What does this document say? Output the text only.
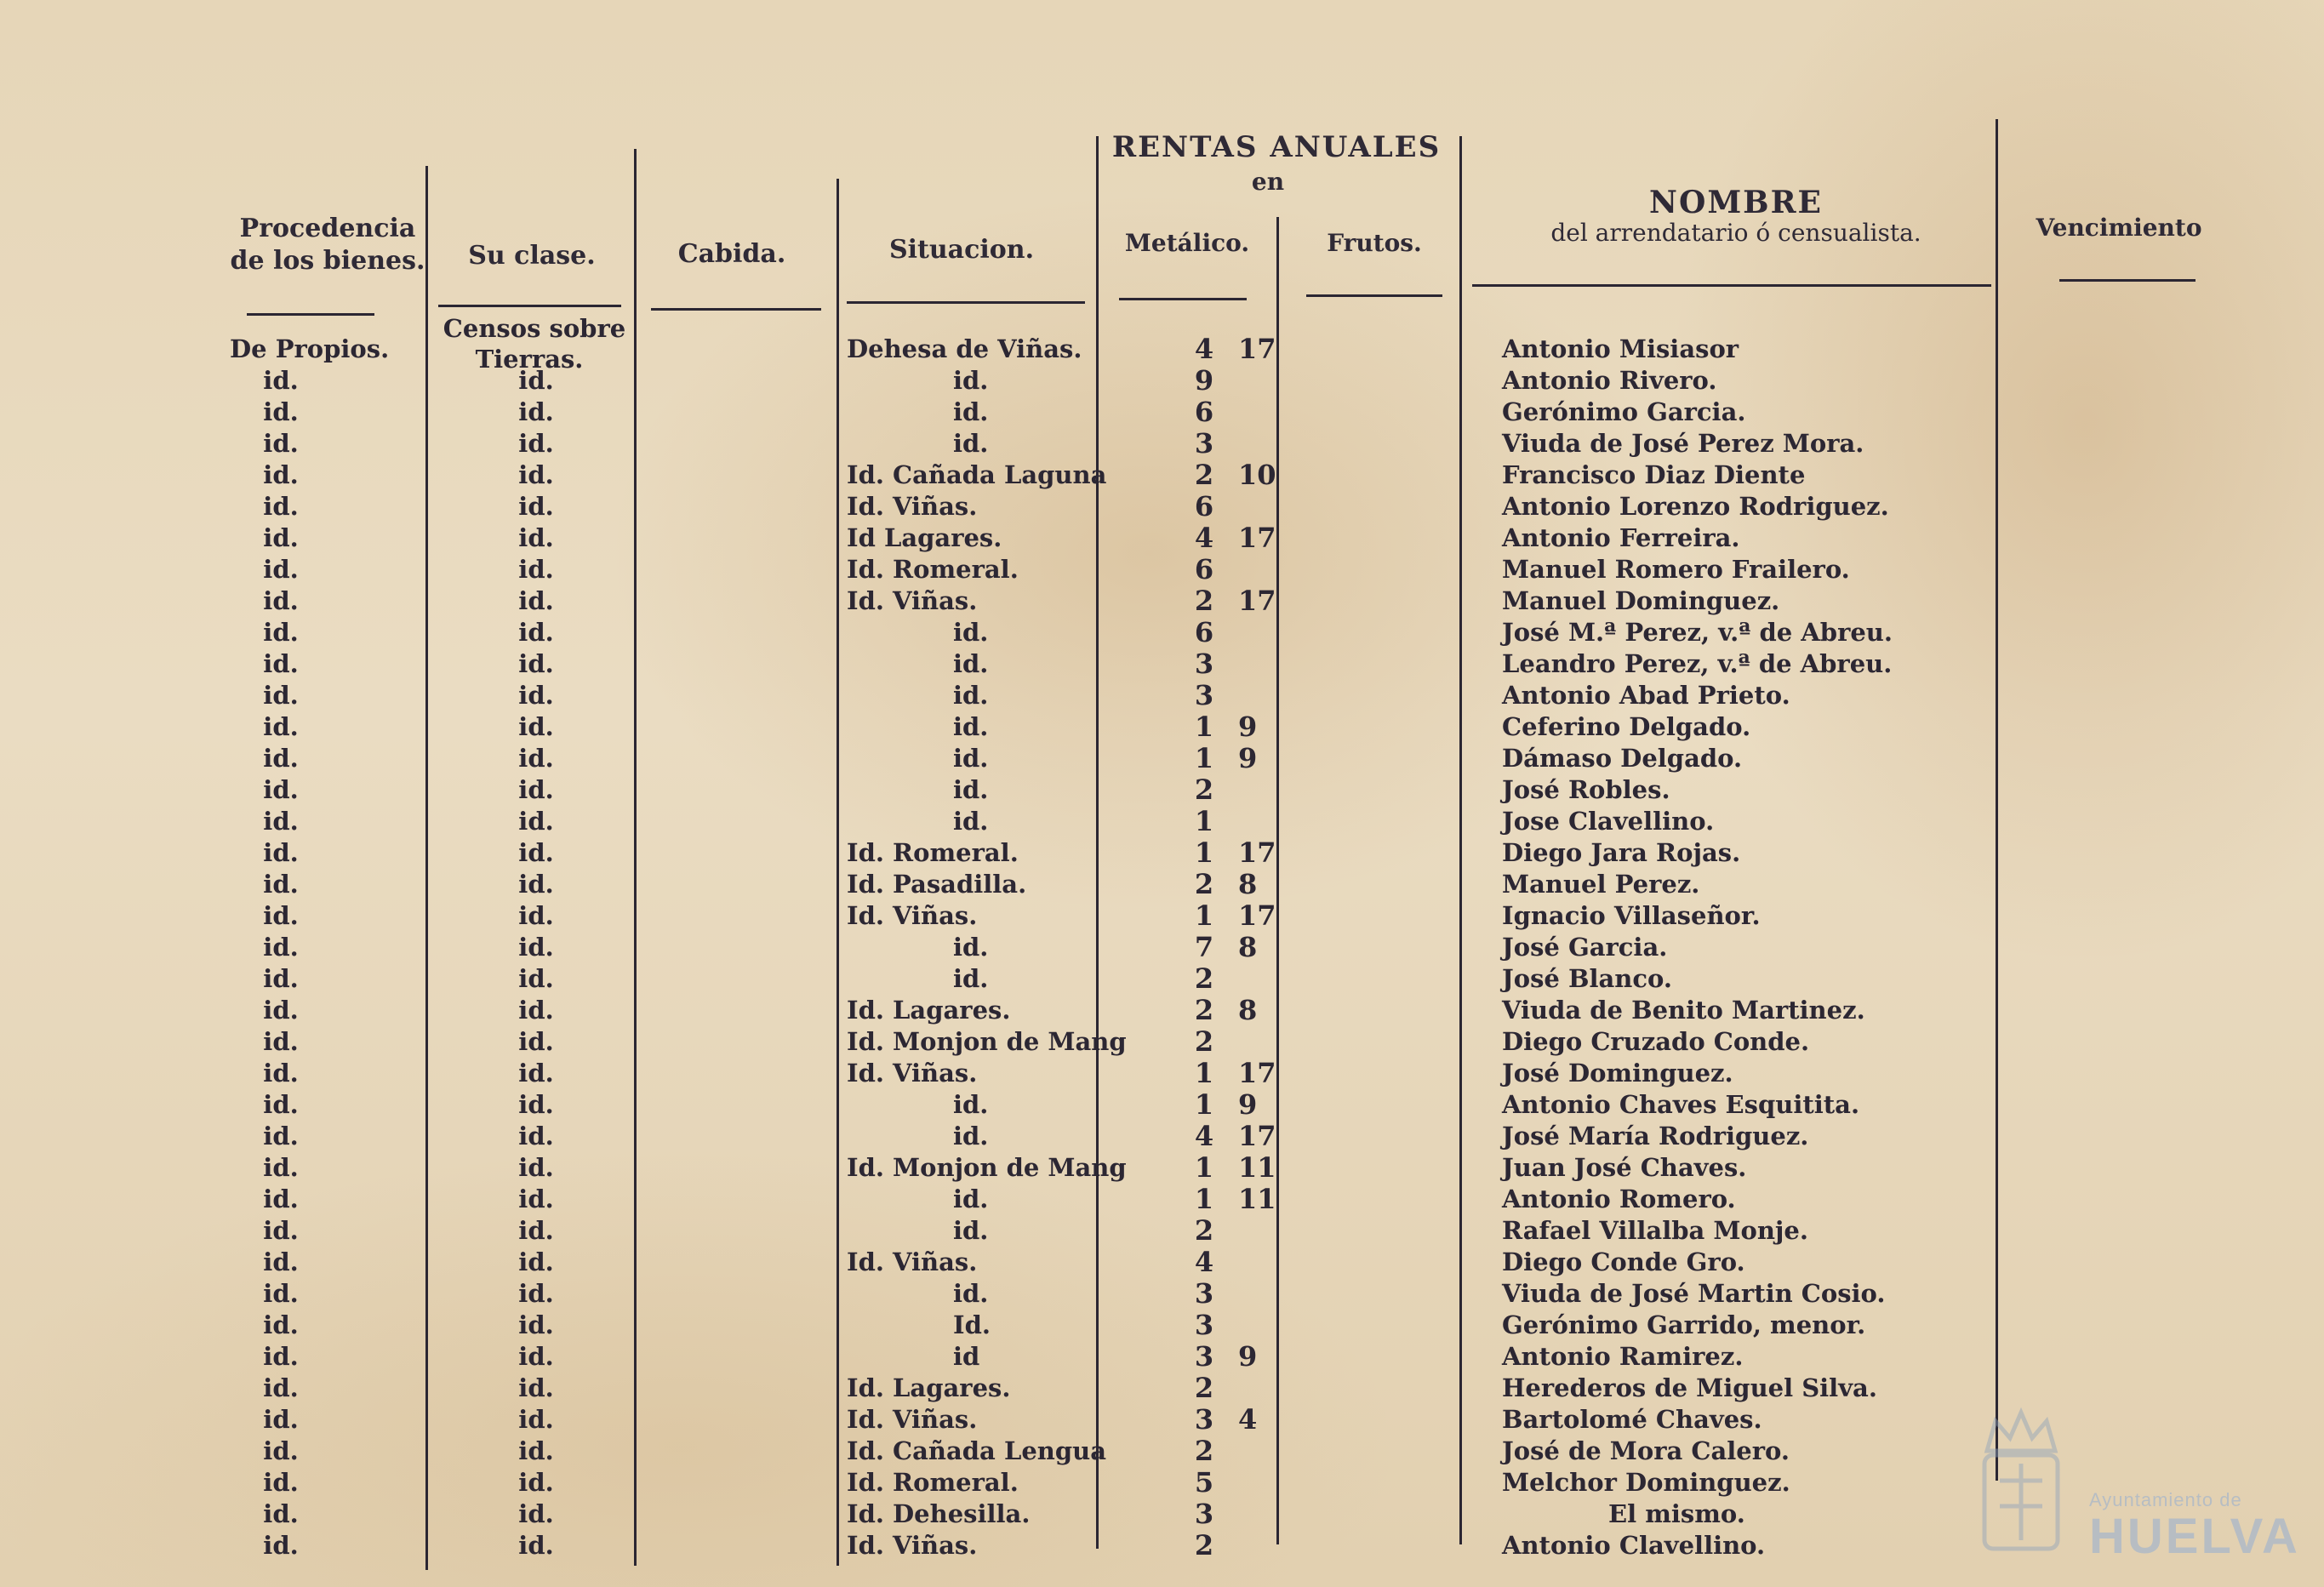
Procedencia de los bienes.	Su clase.	Cabida.	Situacion.
RENTAS ANUALES
en
Metálico.	Frutos.
NOMBRE
del arrendatario ó censualista.	Vencimiento
Censos sobre
Tierras.
De Propios.	Dehesa de Viñas.	4 17	Antonio Misiasor
id.	id.	id.	9	Antonio Rivero.
id.	id.	id.	6	Gerónimo Garcia.
id.	id.	id.	3	Viuda de José Perez Mora.
id.	id.	Id. Cañada Laguna	2 10	Francisco Diaz Diente
id.	id.	Id. Viñas.	6	Antonio Lorenzo Rodriguez.
id.	id.	Id Lagares.	4 17	Antonio Ferreira.
id.	id.	Id. Romeral.	6	Manuel Romero Frailero.
id.	id.	Id. Viñas.	2 17	Manuel Dominguez.
id.	id.	id.	6	José M.ª Perez, v.ª de Abreu.
id.	id.	id.	3	Leandro Perez, v.ª de Abreu.
id.	id.	id.	3	Antonio Abad Prieto.
id.	id.	id.	1 9	Ceferino Delgado.
id.	id.	id.	1 9	Dámaso Delgado.
id.	id.	id.	2	José Robles.
id.	id.	id.	1	Jose Clavellino.
id.	id.	Id. Romeral.	1 17	Diego Jara Rojas.
id.	id.	Id. Pasadilla.	2 8	Manuel Perez.
id.	id.	Id. Viñas.	1 17	Ignacio Villaseñor.
id.	id.	id.	7 8	José Garcia.
id.	id.	id.	2	José Blanco.
id.	id.	Id. Lagares.	2 8	Viuda de Benito Martinez.
id.	id.	Id. Monjon de Mang	2	Diego Cruzado Conde.
id.	id.	Id. Viñas.	1 17	José Dominguez.
id.	id.	id.	1 9	Antonio Chaves Esquitita.
id.	id.	id.	4 17	José María Rodriguez.
id.	id.	Id. Monjon de Mang	1 11	Juan José Chaves.
id.	id.	id.	1 11	Antonio Romero.
id.	id.	id.	2	Rafael Villalba Monje.
id.	id.	Id. Viñas.	4	Diego Conde Gro.
id.	id.	id.	3	Viuda de José Martin Cosio.
id.	id.	Id.	3	Gerónimo Garrido, menor.
id.	id.	id	3 9	Antonio Ramirez.
id.	id.	Id. Lagares.	2	Herederos de Miguel Silva.
id.	id.	Id. Viñas.	3 4	Bartolomé Chaves.
id.	id.	Id. Cañada Lengua	2	José de Mora Calero.
id.	id.	Id. Romeral.	5	Melchor Dominguez.
id.	id.	Id. Dehesilla.	3	El mismo.
id.	id.	Id. Viñas.	2	Antonio Clavellino.
Ayuntamiento de
HUELVA
